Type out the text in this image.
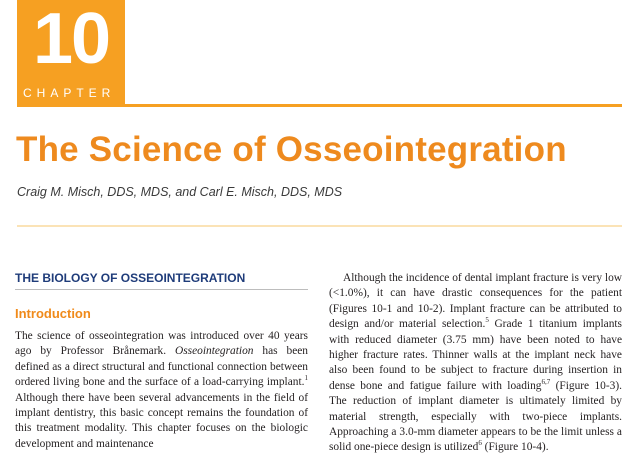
10
CHAPTER
The Science of Osseointegration
Craig M. Misch, DDS, MDS, and Carl E. Misch, DDS, MDS
THE BIOLOGY OF OSSEOINTEGRATION
Introduction

The science of osseointegration was introduced over 40 years ago by Professor Brånemark. Osseointegration has been defined as a direct structural and functional connection between ordered living bone and the surface of a load-carrying implant.$^1$ Although there have been several advancements in the field of implant dentistry, this basic concept remains the foundation of this treatment modality. This chapter focuses on the biologic development and maintenance

Although the incidence of dental implant fracture is very low (<1.0%), it can have drastic consequences for the patient (Figures 10-1 and 10-2). Implant fracture can be attributed to design and/or material selection.$^5$ Grade 1 titanium implants with reduced diameter (3.75 mm) have been noted to have higher fracture rates. Thinner walls at the implant neck have also been found to be subject to fracture during insertion in dense bone and fatigue failure with loading$^{6,7}$ (Figure 10-3). The reduction of implant diameter is ultimately limited by material strength, especially with two-piece implants. Approaching a 3.0-mm diameter appears to be the limit unless a solid one-piece design is utilized$^6$ (Figure 10-4).
